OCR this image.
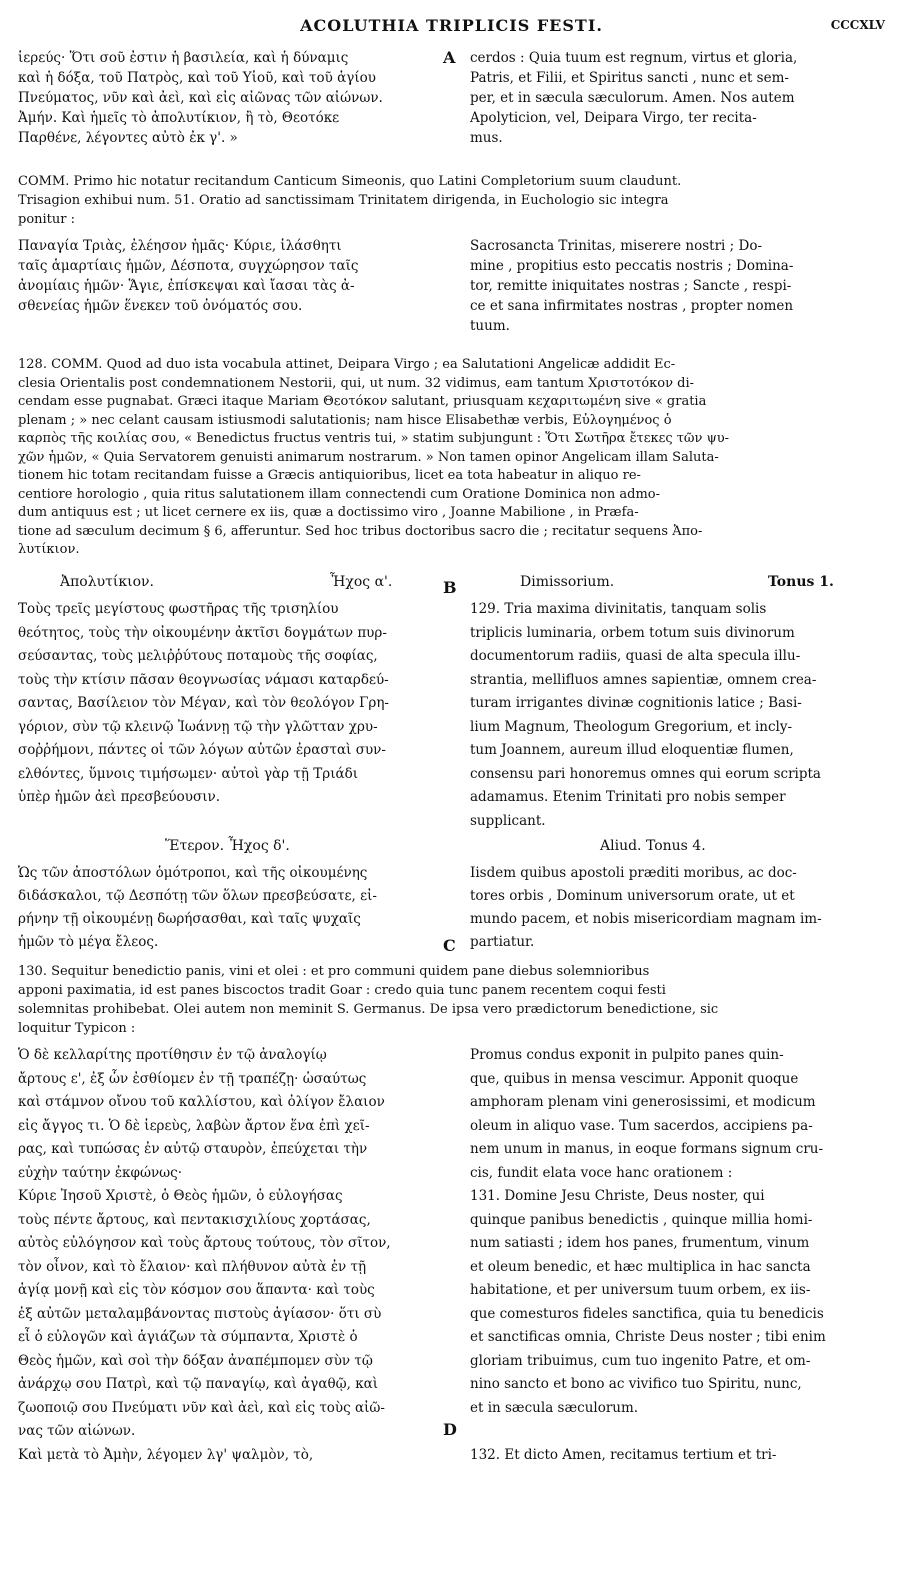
ACOLUTHIA TRIPLICIS FESTI.	CCCXLV
A
B
C
D
ἱερεύς· Ὅτι σοῦ ἐστιν ἡ βασιλεία, καὶ ἡ δύναμις
καὶ ἡ δόξα, τοῦ Πατρὸς, καὶ τοῦ Υἱοῦ, καὶ τοῦ ἁγίου
Πνεύματος, νῦν καὶ ἀεὶ, καὶ εἰς αἰῶνας τῶν αἰώνων.
Ἀμήν. Καὶ ἡμεῖς τὸ ἀπολυτίκιον, ἢ τὸ, Θεοτόκε
Παρθένε, λέγοντες αὐτὸ ἐκ γ'. »
cerdos : Quia tuum est regnum, virtus et gloria,
Patris, et Filii, et Spiritus sancti , nunc et sem-
per, et in sæcula sæculorum. Amen. Nos autem
Apolyticion, vel, Deipara Virgo, ter recita-
mus.
COMM. Primo hic notatur recitandum Canticum Simeonis, quo Latini Completorium suum claudunt.
Trisagion exhibui num. 51. Oratio ad sanctissimam Trinitatem dirigenda, in Euchologio sic integra
ponitur :
Παναγία Τριὰς, ἐλέησον ἡμᾶς· Κύριε, ἱλάσθητι
ταῖς ἁμαρτίαις ἡμῶν, Δέσποτα, συγχώρησον ταῖς
ἀνομίαις ἡμῶν· Ἅγιε, ἐπίσκεψαι καὶ ἴασαι τὰς ἀ-
σθενείας ἡμῶν ἕνεκεν τοῦ ὀνόματός σου.
Sacrosancta Trinitas, miserere nostri ; Do-
mine , propitius esto peccatis nostris ; Domina-
tor, remitte iniquitates nostras ; Sancte , respi-
ce et sana infirmitates nostras , propter nomen
tuum.
128. COMM. Quod ad duo ista vocabula attinet, Deipara Virgo ; ea Salutationi Angelicæ addidit Ec-
clesia Orientalis post condemnationem Nestorii, qui, ut num. 32 vidimus, eam tantum Χριστοτόκον di-
cendam esse pugnabat. Græci itaque Mariam Θεοτόκον salutant, priusquam κεχαριτωμένη sive « gratia
plenam ; » nec celant causam istiusmodi salutationis; nam hisce Elisabethæ verbis, Εὐλογημένος ὁ
καρπὸς τῆς κοιλίας σου, « Benedictus fructus ventris tui, » statim subjungunt : Ὅτι Σωτῆρα ἔτεκες τῶν ψυ-
χῶν ἡμῶν, « Quia Servatorem genuisti animarum nostrarum. » Non tamen opinor Angelicam illam Saluta-
tionem hic totam recitandam fuisse a Græcis antiquioribus, licet ea tota habeatur in aliquo re-
centiore horologio , quia ritus salutationem illam connectendi cum Oratione Dominica non admo-
dum antiquus est ; ut licet cernere ex iis, quæ a doctissimo viro , Joanne Mabilione , in Præfa-
tione ad sæculum decimum § 6, afferuntur. Sed hoc tribus doctoribus sacro die ; recitatur sequens Ἀπο-
λυτίκιον.
Ἀπολυτίκιον.	Ἦχος α'.	Dimissorium.	Tonus 1.
Τοὺς τρεῖς μεγίστους φωστῆρας τῆς τρισηλίου
θεότητος, τοὺς τὴν οἰκουμένην ἀκτῖσι δογμάτων πυρ-
σεύσαντας, τοὺς μελιῤῥύτους ποταμοὺς τῆς σοφίας,
τοὺς τὴν κτίσιν πᾶσαν θεογνωσίας νάμασι καταρδεύ-
σαντας, Βασίλειον τὸν Μέγαν, καὶ τὸν θεολόγον Γρη-
γόριον, σὺν τῷ κλεινῷ Ἰωάννῃ τῷ τὴν γλῶτταν χρυ-
σοῤῥήμονι, πάντες οἱ τῶν λόγων αὐτῶν ἐρασταὶ συν-
ελθόντες, ὕμνοις τιμήσωμεν· αὐτοὶ γὰρ τῇ Τριάδι
ὑπὲρ ἡμῶν ἀεὶ πρεσβεύουσιν.
129. Tria maxima divinitatis, tanquam solis
triplicis luminaria, orbem totum suis divinorum
documentorum radiis, quasi de alta specula illu-
strantia, mellifluos amnes sapientiæ, omnem crea-
turam irrigantes divinæ cognitionis latice ; Basi-
lium Magnum, Theologum Gregorium, et incly-
tum Joannem, aureum illud eloquentiæ flumen,
consensu pari honoremus omnes qui eorum scripta
adamamus. Etenim Trinitati pro nobis semper
supplicant.
Ἕτερον. Ἦχος δ'.	Aliud. Tonus 4.
Ὡς τῶν ἀποστόλων ὁμότροποι, καὶ τῆς οἰκουμένης
διδάσκαλοι, τῷ Δεσπότῃ τῶν ὅλων πρεσβεύσατε, εἰ-
ρήνην τῇ οἰκουμένῃ δωρήσασθαι, καὶ ταῖς ψυχαῖς
ἡμῶν τὸ μέγα ἔλεος.
Iisdem quibus apostoli præditi moribus, ac doc-
tores orbis , Dominum universorum orate, ut et
mundo pacem, et nobis misericordiam magnam im-
partiatur.
130. Sequitur benedictio panis, vini et olei : et pro communi quidem pane diebus solemnioribus
apponi paximatia, id est panes biscoctos tradit Goar : credo quia tunc panem recentem coqui festi
solemnitas prohibebat. Olei autem non meminit S. Germanus. De ipsa vero prædictorum benedictione, sic
loquitur Typicon :
Ὁ δὲ κελλαρίτης προτίθησιν ἐν τῷ ἀναλογίῳ
ἄρτους ε', ἐξ ὧν ἐσθίομεν ἐν τῇ τραπέζῃ· ὡσαύτως
καὶ στάμνον οἴνου τοῦ καλλίστου, καὶ ὀλίγον ἔλαιον
εἰς ἄγγος τι. Ὁ δὲ ἱερεὺς, λαβὼν ἄρτον ἕνα ἐπὶ χεῖ-
ρας, καὶ τυπώσας ἐν αὐτῷ σταυρὸν, ἐπεύχεται τὴν
εὐχὴν ταύτην ἐκφώνως·
Κύριε Ἰησοῦ Χριστὲ, ὁ Θεὸς ἡμῶν, ὁ εὐλογήσας
τοὺς πέντε ἄρτους, καὶ πεντακισχιλίους χορτάσας,
αὐτὸς εὐλόγησον καὶ τοὺς ἄρτους τούτους, τὸν σῖτον,
τὸν οἶνον, καὶ τὸ ἔλαιον· καὶ πλήθυνον αὐτὰ ἐν τῇ
ἁγίᾳ μονῇ καὶ εἰς τὸν κόσμον σου ἅπαντα· καὶ τοὺς
ἐξ αὐτῶν μεταλαμβάνοντας πιστοὺς ἁγίασον· ὅτι σὺ
εἶ ὁ εὐλογῶν καὶ ἁγιάζων τὰ σύμπαντα, Χριστὲ ὁ
Θεὸς ἡμῶν, καὶ σοὶ τὴν δόξαν ἀναπέμπομεν σὺν τῷ
ἀνάρχῳ σου Πατρὶ, καὶ τῷ παναγίῳ, καὶ ἀγαθῷ, καὶ
ζωοποιῷ σου Πνεύματι νῦν καὶ ἀεὶ, καὶ εἰς τοὺς αἰῶ-
νας τῶν αἰώνων.
Καὶ μετὰ τὸ Ἀμὴν, λέγομεν λγ' ψαλμὸν, τὸ,
Promus condus exponit in pulpito panes quin-
que, quibus in mensa vescimur. Apponit quoque
amphoram plenam vini generosissimi, et modicum
oleum in aliquo vase. Tum sacerdos, accipiens pa-
nem unum in manus, in eoque formans signum cru-
cis, fundit elata voce hanc orationem :
131. Domine Jesu Christe, Deus noster, qui
quinque panibus benedictis , quinque millia homi-
num satiasti ; idem hos panes, frumentum, vinum
et oleum benedic, et hæc multiplica in hac sancta
habitatione, et per universum tuum orbem, ex iis-
que comesturos fideles sanctifica, quia tu benedicis
et sanctificas omnia, Christe Deus noster ; tibi enim
gloriam tribuimus, cum tuo ingenito Patre, et om-
nino sancto et bono ac vivifico tuo Spiritu, nunc,
et in sæcula sæculorum.

132. Et dicto Amen, recitamus tertium et tri-
